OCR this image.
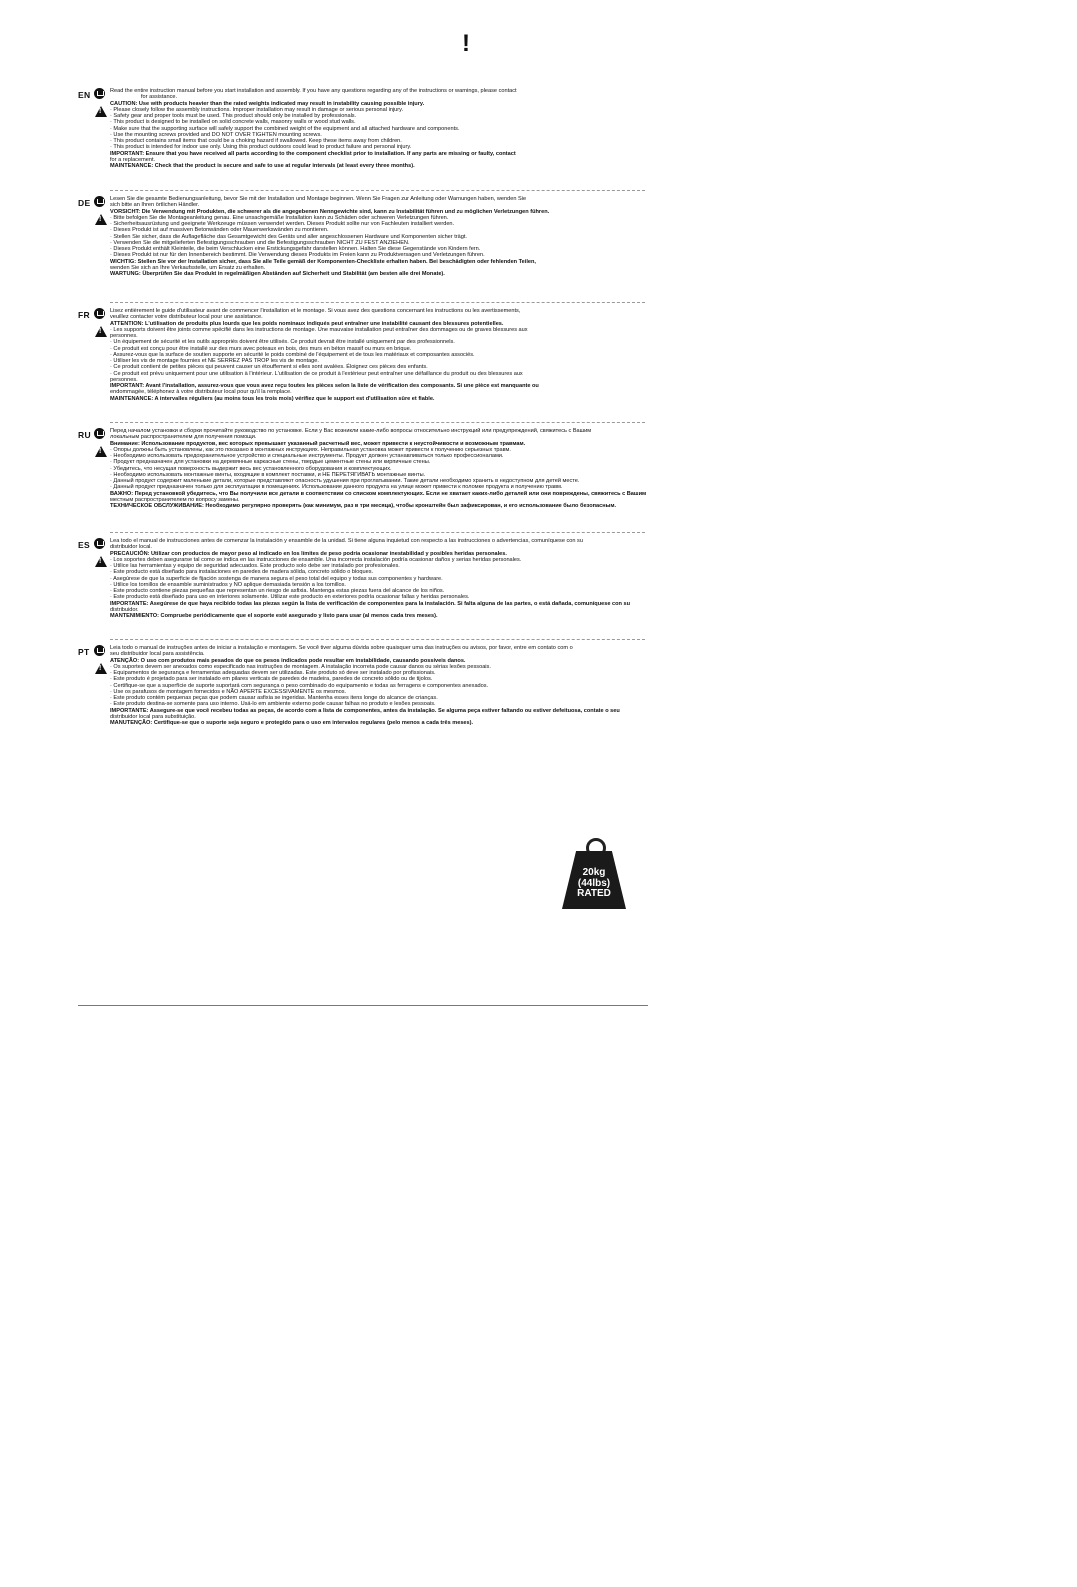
!
EN
!	Read the entire instruction manual before you start installation and assembly. If you have any questions regarding any of the instructions or warnings, please contact

for assistance.

CAUTION: Use with products heavier than the rated weights indicated may result in instability causing possible injury.

· Please closely follow the assembly instructions. Improper installation may result in damage or serious personal injury.

· Safety gear and proper tools must be used. This product should only be installed by professionals.

· This product is designed to be installed on solid concrete walls, masonry walls or wood stud walls.

· Make sure that the supporting surface will safely support the combined weight of the equipment and all attached hardware and components.

· Use the mounting screws provided and DO NOT OVER TIGHTEN mounting screws.

· This product contains small items that could be a choking hazard if swallowed. Keep these items away from children.

· This product is intended for indoor use only. Using this product outdoors could lead to product failure and personal injury.

IMPORTANT: Ensure that you have received all parts according to the component checklist prior to installation. If any parts are missing or faulty, contact

for a replacement.

MAINTENANCE: Check that the product is secure and safe to use at regular intervals (at least every three months).

DE
!	Lesen Sie die gesamte Bedienungsanleitung, bevor Sie mit der Installation und Montage beginnen. Wenn Sie Fragen zur Anleitung oder Warnungen haben, wenden Sie

sich bitte an Ihren örtlichen Händler.

VORSICHT: Die Verwendung mit Produkten, die schwerer als die angegebenen Nenngewichte sind, kann zu Instabilität führen und zu möglichen Verletzungen führen.

· Bitte befolgen Sie die Montageanleitung genau. Eine unsachgemäße Installation kann zu Schäden oder schweren Verletzungen führen.

· Sicherheitsausrüstung und geeignete Werkzeuge müssen verwendet werden. Dieses Produkt sollte nur von Fachleuten installiert werden.

· Dieses Produkt ist auf massiven Betonwänden oder Mauerwerkswänden zu montieren.

· Stellen Sie sicher, dass die Auflagefläche das Gesamtgewicht des Geräts und aller angeschlossenen Hardware und Komponenten sicher trägt.

· Verwenden Sie die mitgelieferten Befestigungsschrauben und die Befestigungsschrauben NICHT ZU FEST ANZIEHEN.

· Dieses Produkt enthält Kleinteile, die beim Verschlucken eine Erstickungsgefahr darstellen können. Halten Sie diese Gegenstände von Kindern fern.

· Dieses Produkt ist nur für den Innenbereich bestimmt. Die Verwendung dieses Produkts im Freien kann zu Produktversagen und Verletzungen führen.

WICHTIG: Stellen Sie vor der Installation sicher, dass Sie alle Teile gemäß der Komponenten-Checkliste erhalten haben. Bei beschädigten oder fehlenden Teilen,

wenden Sie sich an Ihre Verkaufsstelle, um Ersatz zu erhalten.

WARTUNG: Überprüfen Sie das Produkt in regelmäßigen Abständen auf Sicherheit und Stabilität (am besten alle drei Monate).

FR
!	Lisez entièrement le guide d'utilisateur avant de commencer l'installation et le montage. Si vous avez des questions concernant les instructions ou les avertissements,

veuillez contacter votre distributeur local pour une assistance.

ATTENTION: L'utilisation de produits plus lourds que les poids nominaux indiqués peut entraîner une instabilité causant des blessures potentielles.

· Les supports doivent être joints comme spécifié dans les instructions de montage. Une mauvaise installation peut entraîner des dommages ou de graves blessures aux

personnes.

· Un équipement de sécurité et les outils appropriés doivent être utilisés. Ce produit devrait être installé uniquement par des professionnels.

· Ce produit est conçu pour être installé sur des murs avec poteaux en bois, des murs en béton massif ou murs en brique.

· Assurez-vous que la surface de soutien supporte en sécurité le poids combiné de l'équipement et de tous les matériaux et composantes associés.

· Utiliser les vis de montage fournies et NE SERREZ PAS TROP les vis de montage.

· Ce produit contient de petites pièces qui peuvent causer un étouffement si elles sont avalées. Éloignez ces pièces des enfants.

· Ce produit est prévu uniquement pour une utilisation à l'intérieur. L'utilisation de ce produit à l'extérieur peut entraîner une défaillance du produit ou des blessures aux

personnes.

IMPORTANT: Avant l'installation, assurez-vous que vous avez reçu toutes les pièces selon la liste de vérification des composants. Si une pièce est manquante ou

endommagée, téléphonez à votre distributeur local pour qu'il la remplace.

MAINTENANCE: A intervalles réguliers (au moins tous les trois mois) vérifiez que le support est d'utilisation sûre et fiable.

RU
!	Перед началом установки и сборки прочитайте руководство по установке. Если у Вас возникли какие-либо вопросы относительно инструкций или предупреждений, свяжитесь с Вашим

локальным распространителем для получения помощи.

Внимание: Использование продуктов, вес которых превышает указанный расчетный вес, может привести к неустойчивости и возможным травмам.

· Опоры должны быть установлены, как это показано в монтажных инструкциях. Неправильная установка может привести к получению серьезных травм.

· Необходимо использовать предохранительное устройство и специальные инструменты. Продукт должен устанавливаться только профессионалами.

· Продукт предназначен для установки на деревянные каркасные стены, твердые цементные стены или кирпичные стены.

· Убедитесь, что несущая поверхность выдержит весь вес установленного оборудования и комплектующих.

· Необходимо использовать монтажные винты, входящие в комплект поставки, и НЕ ПЕРЕТЯГИВАТЬ монтажные винты.

· Данный продукт содержит маленькие детали, которые представляют опасность удушения при проглатывании. Такие детали необходимо хранить в недоступном для детей месте.

· Данный продукт предназначен только для эксплуатации в помещениях. Использование данного продукта на улице может привести к поломке продукта и получению травм.

ВАЖНО: Перед установкой убедитесь, что Вы получили все детали в соответствии со списком комплектующих. Если не хватает каких-либо деталей или они повреждены, свяжитесь с Вашим

местным распространителем по вопросу замены.

ТЕХНИЧЕСКОЕ ОБСЛУЖИВАНИЕ: Необходимо регулярно проверять (как минимум, раз в три месяца), чтобы кронштейн был зафиксирован, и его использование было безопасным.

ES
!	Lea todo el manual de instrucciones antes de comenzar la instalación y ensamble de la unidad. Si tiene alguna inquietud con respecto a las instrucciones o advertencias, comuníquese con su

distribuidor local.

PRECAUCIÓN: Utilizar con productos de mayor peso al indicado en los límites de peso podría ocasionar inestabilidad y posibles heridas personales.

· Los soportes deben asegurarse tal como se indica en las instrucciones de ensamble. Una incorrecta instalación podría ocasionar daños y serias heridas personales.

· Utilice las herramientas y equipo de seguridad adecuados. Este producto solo debe ser instalado por profesionales.

· Este producto está diseñado para instalaciones en paredes de madera sólida, concreto sólido o bloques.

· Asegúrese de que la superficie de fijación sostenga de manera segura el peso total del equipo y todas sus componentes y hardware.

· Utilice los tornillos de ensamble suministrados y NO aplique demasiada tensión a los tornillos.

· Este producto contiene piezas pequeñas que representan un riesgo de asfixia. Mantenga estas piezas fuera del alcance de los niños.

· Este producto está diseñado para uso en interiores solamente. Utilizar este producto en exteriores podría ocasionar fallas y heridas personales.

IMPORTANTE: Asegúrese de que haya recibido todas las piezas según la lista de verificación de componentes para la instalación. Si falta alguna de las partes, o está dañada, comuníquese con su

distribuidor.

MANTENIMIENTO: Compruebe periódicamente que el soporte esté asegurado y listo para usar (al menos cada tres meses).

PT
!	Leia todo o manual de instruções antes de iniciar a instalação e montagem. Se você tiver alguma dúvida sobre quaisquer uma das instruções ou avisos, por favor, entre em contato com o

seu distribuidor local para assistência.

ATENÇÃO: O uso com produtos mais pesados do que os pesos indicados pode resultar em instabilidade, causando possíveis danos.

· Os suportes devem ser anexados como especificado nas instruções de montagem. A instalação incorreta pode causar danos ou sérias lesões pessoais.

· Equipamentos de segurança e ferramentas adequadas devem ser utilizadas. Este produto só deve ser instalado por profissionais.

· Este produto é projetado para ser instalado em pilares verticais de paredes de madeira, paredes de concreto sólido ou de tijolos.

· Certifique-se que a superfície de suporte suportará com segurança o peso combinado do equipamento e todas as ferragens e componentes anexados.

· Use os parafusos de montagem fornecidos e NÃO APERTE EXCESSIVAMENTE os mesmos.

· Este produto contém pequenas peças que podem causar asfixia se ingeridas. Mantenha esses itens longe do alcance de crianças.

· Este produto destina-se somente para uso interno. Usá-lo em ambiente externo pode causar falhas no produto e lesões pessoais.

IMPORTANTE: Assegure-se que você recebeu todas as peças, de acordo com a lista de componentes, antes da instalação. Se alguma peça estiver faltando ou estiver defeituosa, contate o seu

distribuidor local para substituição.

MANUTENÇÃO: Certifique-se que o suporte seja seguro e protegido para o uso em intervalos regulares (pelo menos a cada três meses).

20kg
(44lbs)
RATED
